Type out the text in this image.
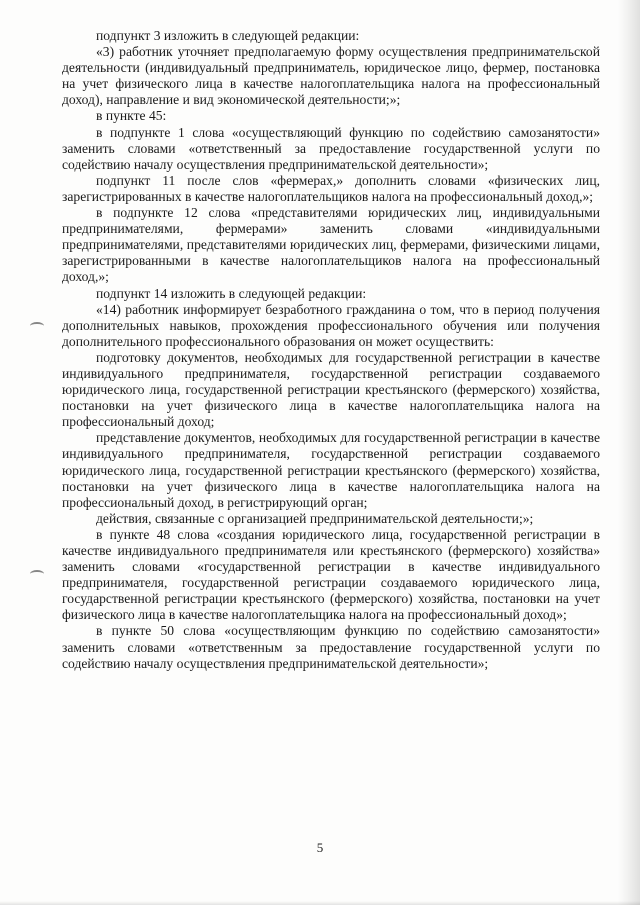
подпункт 3 изложить в следующей редакции:

«3) работник уточняет предполагаемую форму осуществления предпринимательской деятельности (индивидуальный предприниматель, юридическое лицо, фермер, постановка на учет физического лица в качестве налогоплательщика налога на профессиональный доход), направление и вид экономической деятельности;»;

в пункте 45:

в подпункте 1 слова «осуществляющий функцию по содействию самозанятости» заменить словами «ответственный за предоставление государственной услуги по содействию началу осуществления предпринимательской деятельности»;

подпункт 11 после слов «фермерах,» дополнить словами «физических лиц, зарегистрированных в качестве налогоплательщиков налога на профессиональный доход,»;

в подпункте 12 слова «представителями юридических лиц, индивидуальными предпринимателями, фермерами» заменить словами «индивидуальными предпринимателями, представителями юридических лиц, фермерами, физическими лицами, зарегистрированными в качестве налогоплательщиков налога на профессиональный доход,»;

подпункт 14 изложить в следующей редакции:

«14) работник информирует безработного гражданина о том, что в период получения дополнительных навыков, прохождения профессионального обучения или получения дополнительного профессионального образования он может осуществить:

подготовку документов, необходимых для государственной регистрации в качестве индивидуального предпринимателя, государственной регистрации создаваемого юридического лица, государственной регистрации крестьянского (фермерского) хозяйства, постановки на учет физического лица в качестве налогоплательщика налога на профессиональный доход;

представление документов, необходимых для государственной регистрации в качестве индивидуального предпринимателя, государственной регистрации создаваемого юридического лица, государственной регистрации крестьянского (фермерского) хозяйства, постановки на учет физического лица в качестве налогоплательщика налога на профессиональный доход, в регистрирующий орган;

действия, связанные с организацией предпринимательской деятельности;»;

в пункте 48 слова «создания юридического лица, государственной регистрации в качестве индивидуального предпринимателя или крестьянского (фермерского) хозяйства» заменить словами «государственной регистрации в качестве индивидуального предпринимателя, государственной регистрации создаваемого юридического лица, государственной регистрации крестьянского (фермерского) хозяйства, постановки на учет физического лица в качестве налогоплательщика налога на профессиональный доход»;

в пункте 50 слова «осуществляющим функцию по содействию самозанятости» заменить словами «ответственным за предоставление государственной услуги по содействию началу осуществления предпринимательской деятельности»;

5
